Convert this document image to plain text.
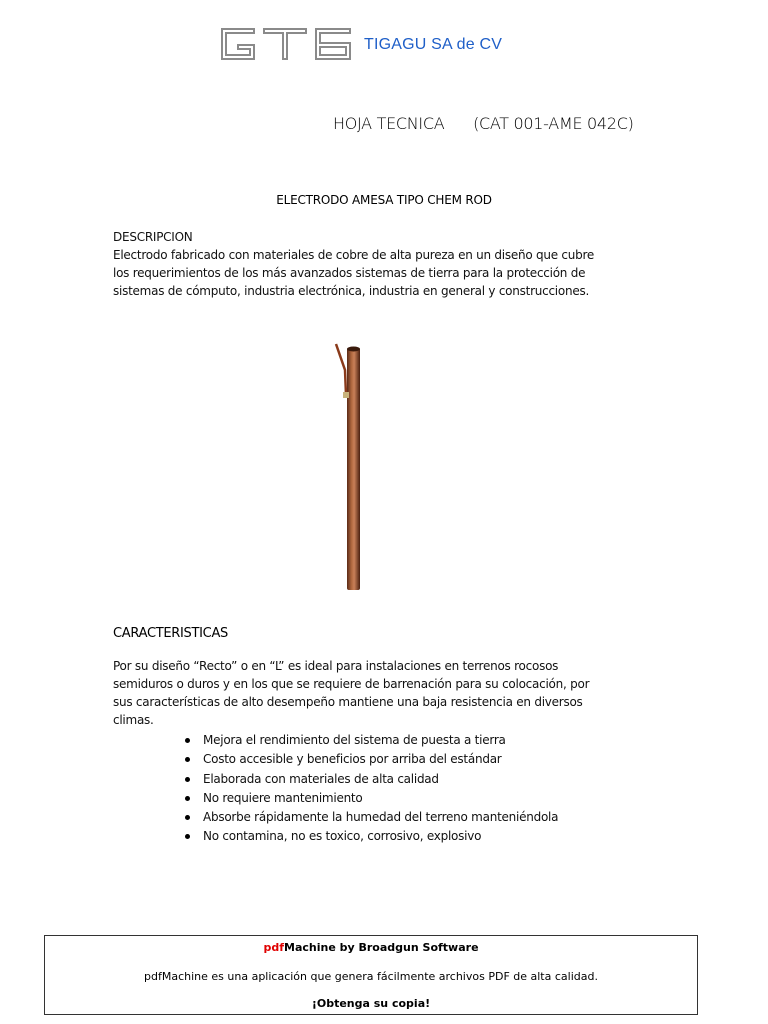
TIGAGU SA de CV
HOJA TECNICA      (CAT 001-AME 042C)
ELECTRODO AMESA TIPO CHEM ROD
DESCRIPCION
Electrodo fabricado con materiales de cobre de alta pureza en un diseño que cubre
los requerimientos de los más avanzados sistemas de tierra para la protección de
sistemas de cómputo, industria electrónica, industria en general y construcciones.
CARACTERISTICAS
Por su diseño “Recto” o en “L” es ideal para instalaciones en terrenos rocosos
semiduros o duros y en los que se requiere de barrenación para su colocación, por
sus características de alto desempeño mantiene una baja resistencia en diversos
climas.
Mejora el rendimiento del sistema de puesta a tierra
Costo accesible y beneficios por arriba del estándar
Elaborada con materiales de alta calidad
No requiere mantenimiento
Absorbe rápidamente la humedad del terreno manteniéndola
No contamina, no es toxico, corrosivo, explosivo
pdfMachine by Broadgun Software
pdfMachine es una aplicación que genera fácilmente archivos PDF de alta calidad.
¡Obtenga su copia!
